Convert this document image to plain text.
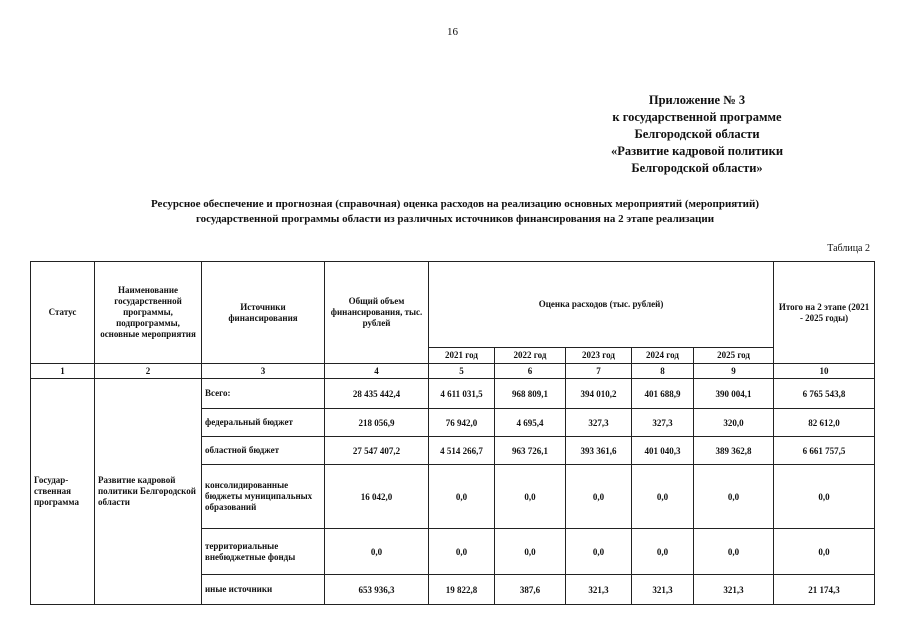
16
Приложение № 3
к государственной программе
Белгородской области
«Развитие кадровой политики
Белгородской области»
Ресурсное обеспечение и прогнозная (справочная) оценка расходов на реализацию основных мероприятий (мероприятий)
государственной программы области из различных источников финансирования на 2 этапе реализации
Таблица 2
Статус	Наименование государственной программы, подпрограммы, основные мероприятия	Источники финансирования	Общий объем финансирования, тыс. рублей	Оценка расходов (тыс. рублей)					Итого на 2 этапе (2021 - 2025 годы)
				2021 год	2022 год	2023 год	2024 год	2025 год	
1	2	3	4	5	6	7	8	9	10
Государ-ственная программа	Развитие кадровой политики Белгородской области	Всего:	28 435 442,4	4 611 031,5	968 809,1	394 010,2	401 688,9	390 004,1	6 765 543,8
		федеральный бюджет	218 056,9	76 942,0	4 695,4	327,3	327,3	320,0	82 612,0
		областной бюджет	27 547 407,2	4 514 266,7	963 726,1	393 361,6	401 040,3	389 362,8	6 661 757,5
		консолидированные бюджеты муниципальных образований	16 042,0	0,0	0,0	0,0	0,0	0,0	0,0
		территориальные внебюджетные фонды	0,0	0,0	0,0	0,0	0,0	0,0	0,0
		иные источники	653 936,3	19 822,8	387,6	321,3	321,3	321,3	21 174,3
